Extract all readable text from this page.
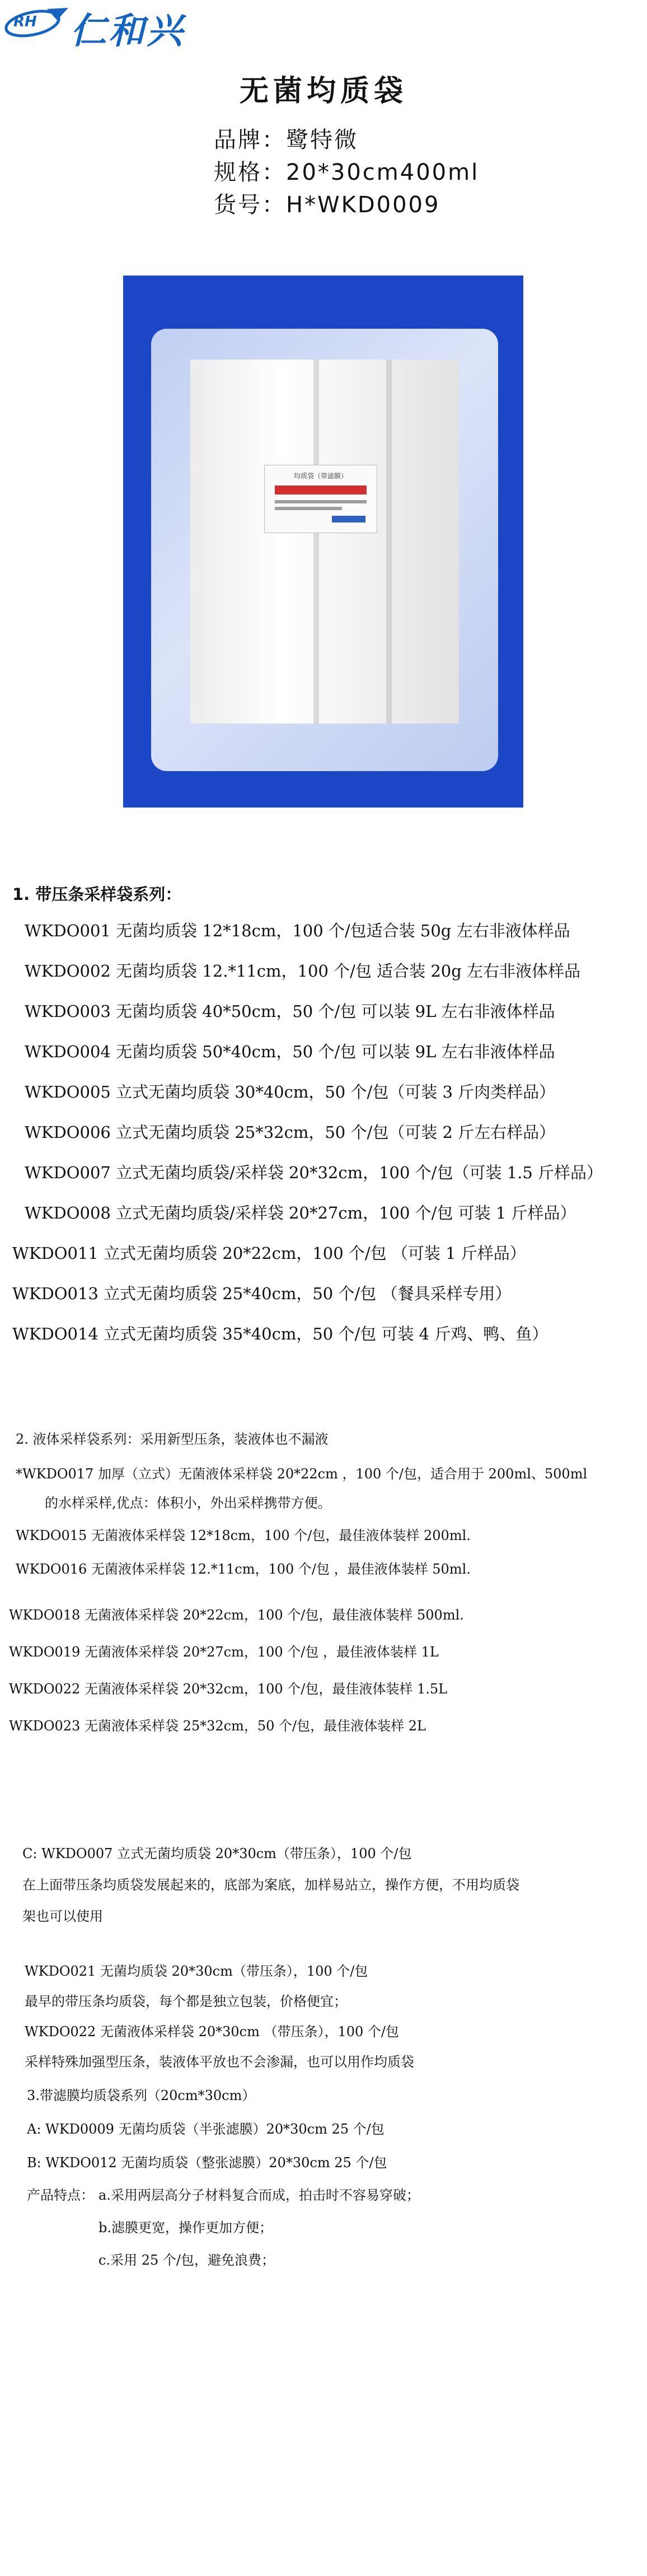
RH 仁和兴
无菌均质袋
品牌：鹭特微
规格：20*30cm400ml
货号：H*WKD0009
均质袋（带滤膜）
1. 带压条采样袋系列：
WKDO001 无菌均质袋 12*18cm，100 个/包适合装 50g 左右非液体样品
WKDO002 无菌均质袋 12.*11cm，100 个/包 适合装 20g 左右非液体样品
WKDO003 无菌均质袋 40*50cm，50 个/包 可以装 9L 左右非液体样品
WKDO004 无菌均质袋 50*40cm，50 个/包 可以装 9L 左右非液体样品
WKDO005 立式无菌均质袋 30*40cm，50 个/包（可装 3 斤肉类样品）
WKDO006 立式无菌均质袋 25*32cm，50 个/包（可装 2 斤左右样品）
WKDO007 立式无菌均质袋/采样袋 20*32cm，100 个/包（可装 1.5 斤样品）
WKDO008 立式无菌均质袋/采样袋 20*27cm，100 个/包 可装 1 斤样品）
WKDO011 立式无菌均质袋 20*22cm，100 个/包 （可装 1 斤样品）
WKDO013 立式无菌均质袋 25*40cm，50 个/包 （餐具采样专用）
WKDO014 立式无菌均质袋 35*40cm，50 个/包 可装 4 斤鸡、鸭、鱼）
2. 液体采样袋系列：采用新型压条，装液体也不漏液
*WKDO017 加厚（立式）无菌液体采样袋 20*22cm ，100 个/包，适合用于 200ml、500ml
的水样采样,优点：体积小，外出采样携带方便。
WKDO015 无菌液体采样袋 12*18cm，100 个/包，最佳液体装样 200ml.
WKDO016 无菌液体采样袋 12.*11cm，100 个/包 ，最佳液体装样 50ml.
WKDO018 无菌液体采样袋 20*22cm，100 个/包，最佳液体装样 500ml.
WKDO019 无菌液体采样袋 20*27cm，100 个/包 ，最佳液体装样 1L
WKDO022 无菌液体采样袋 20*32cm，100 个/包，最佳液体装样 1.5L
WKDO023 无菌液体采样袋 25*32cm，50 个/包，最佳液体装样 2L
C: WKDO007 立式无菌均质袋 20*30cm（带压条），100 个/包
在上面带压条均质袋发展起来的，底部为案底，加样易站立，操作方便，不用均质袋
架也可以使用
WKDO021 无菌均质袋 20*30cm（带压条），100 个/包
最早的带压条均质袋，每个都是独立包装，价格便宜；
WKDO022 无菌液体采样袋 20*30cm （带压条），100 个/包
采样特殊加强型压条，装液体平放也不会渗漏，也可以用作均质袋
3.带滤膜均质袋系列（20cm*30cm）
A: WKD0009 无菌均质袋（半张滤膜）20*30cm 25 个/包
B: WKDO012 无菌均质袋（整张滤膜）20*30cm 25 个/包
产品特点： a.采用两层高分子材料复合而成，拍击时不容易穿破；
b.滤膜更宽，操作更加方便；
c.采用 25 个/包，避免浪费；
